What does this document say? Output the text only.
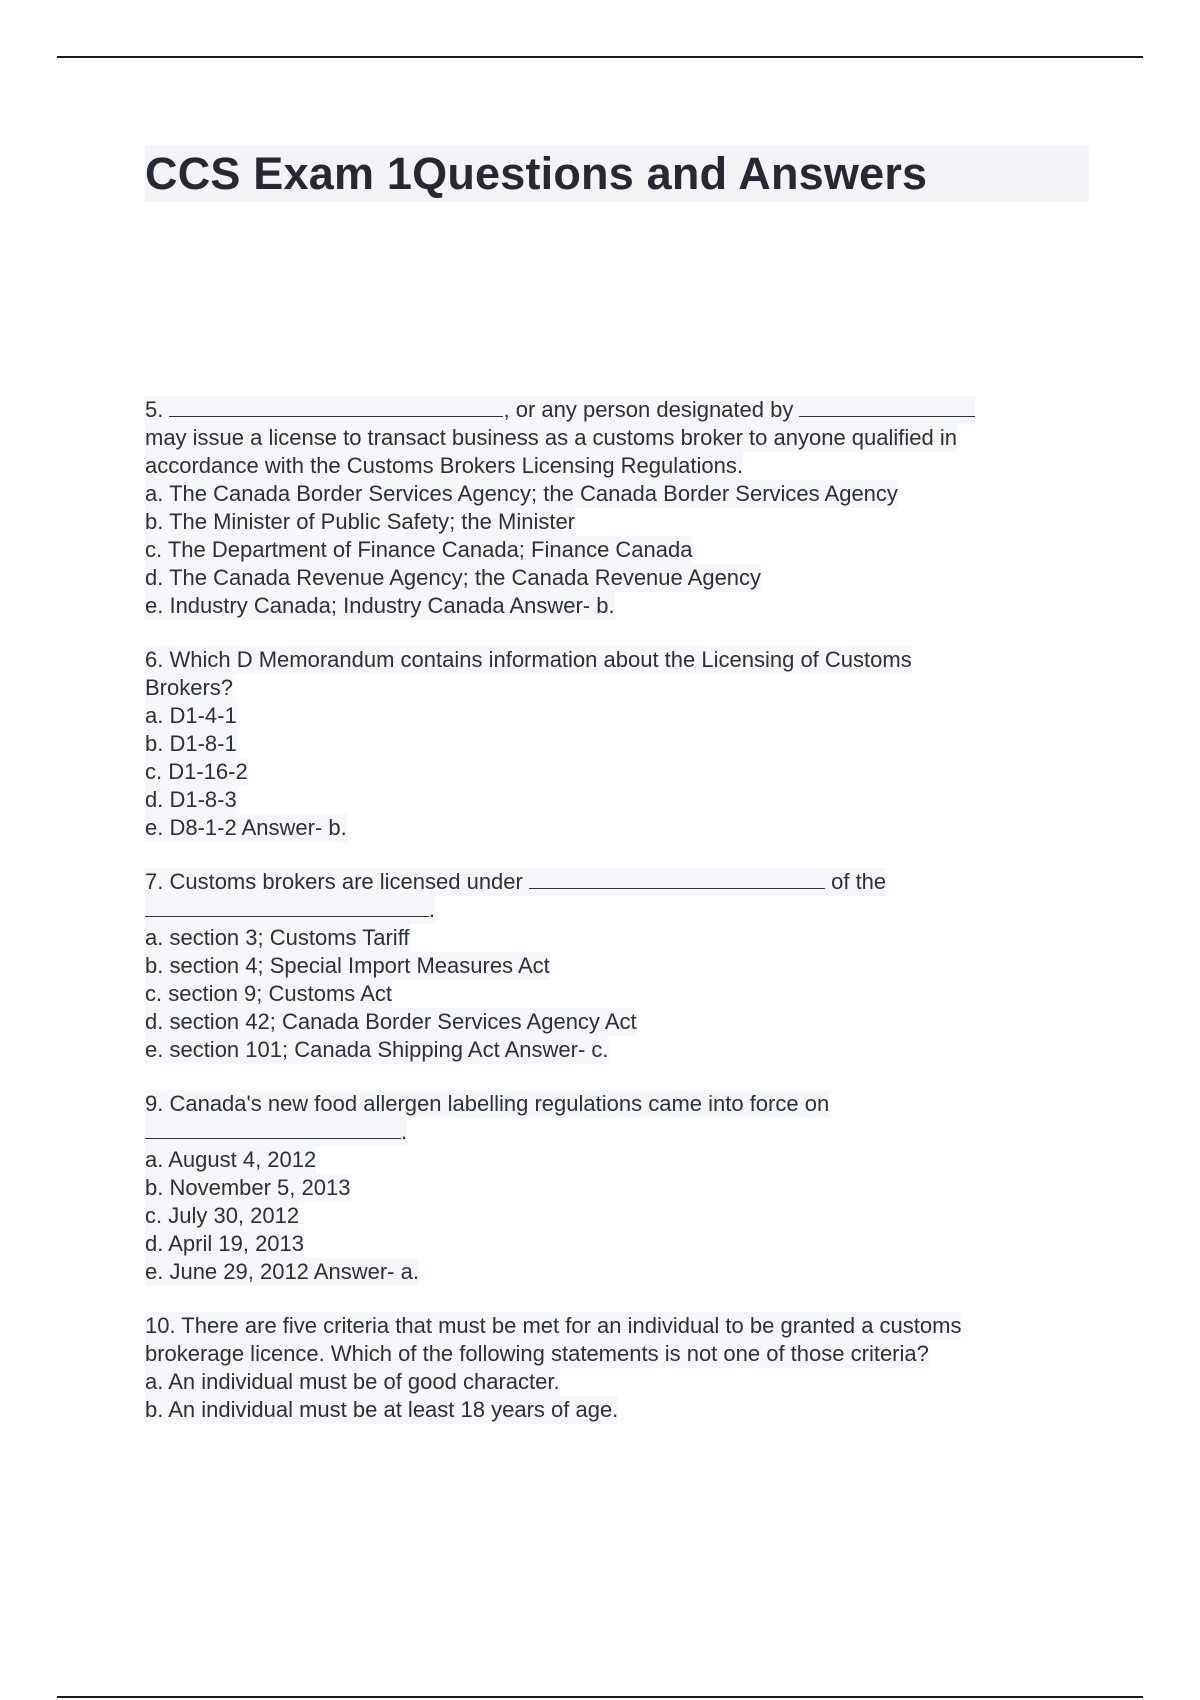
CCS Exam 1Questions and Answers
5.	, or any person designated by
may issue a license to transact business as a customs broker to anyone qualified in
accordance with the Customs Brokers Licensing Regulations.
a. The Canada Border Services Agency; the Canada Border Services Agency
b. The Minister of Public Safety; the Minister
c. The Department of Finance Canada; Finance Canada
d. The Canada Revenue Agency; the Canada Revenue Agency
e. Industry Canada; Industry Canada Answer- b.
6. Which D Memorandum contains information about the Licensing of Customs
Brokers?
a. D1-4-1
b. D1-8-1
c. D1-16-2
d. D1-8-3
e. D8-1-2 Answer- b.
7. Customs brokers are licensed under	of the
.
a. section 3; Customs Tariff
b. section 4; Special Import Measures Act
c. section 9; Customs Act
d. section 42; Canada Border Services Agency Act
e. section 101; Canada Shipping Act Answer- c.
9. Canada's new food allergen labelling regulations came into force on
.
a. August 4, 2012
b. November 5, 2013
c. July 30, 2012
d. April 19, 2013
e. June 29, 2012 Answer- a.
10. There are five criteria that must be met for an individual to be granted a customs
brokerage licence. Which of the following statements is not one of those criteria?
a. An individual must be of good character.
b. An individual must be at least 18 years of age.
